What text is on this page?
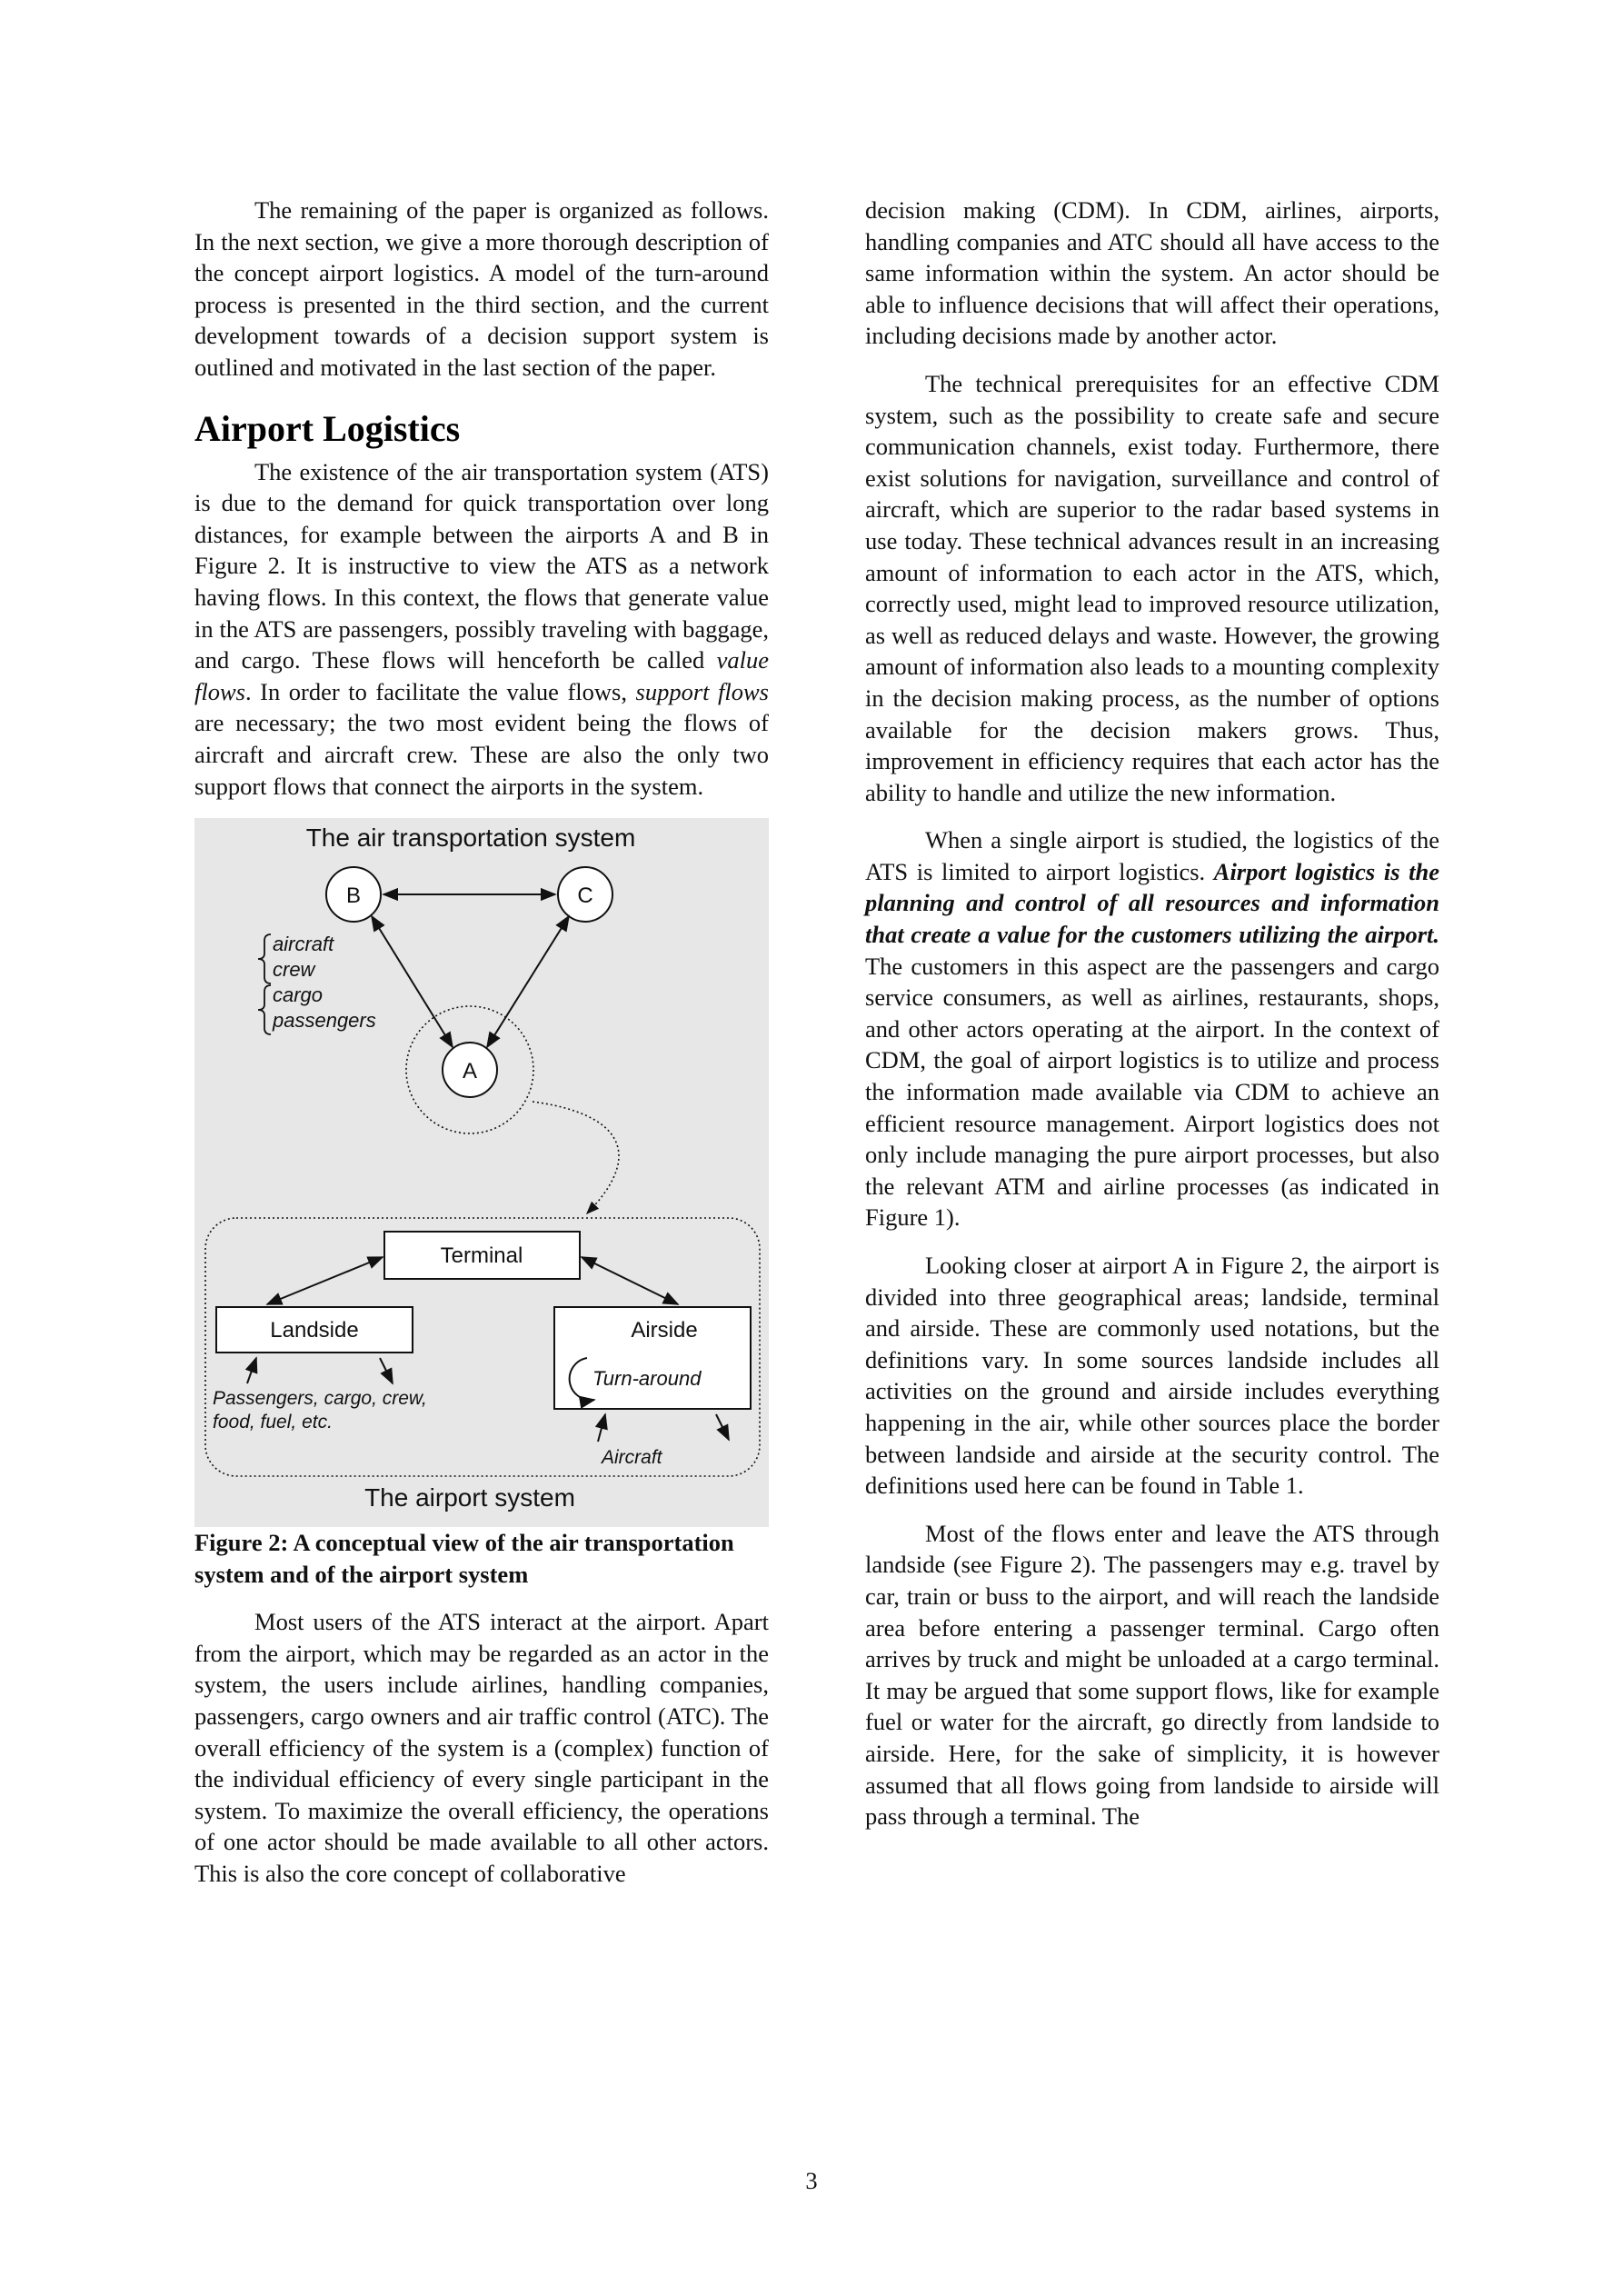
The remaining of the paper is organized as follows. In the next section, we give a more thorough description of the concept airport logistics. A model of the turn-around process is presented in the third section, and the current development towards of a decision support system is outlined and motivated in the last section of the paper.

Airport Logistics

The existence of the air transportation system (ATS) is due to the demand for quick transportation over long distances, for example between the airports A and B in Figure 2. It is instructive to view the ATS as a network having flows. In this context, the flows that generate value in the ATS are passengers, possibly traveling with baggage, and cargo. These flows will henceforth be called value flows. In order to facilitate the value flows, support flows are necessary; the two most evident being the flows of aircraft and aircraft crew. These are also the only two support flows that connect the airports in the system.

The air transportation system
B	C
A
aircraft
crew
cargo
passengers
Terminal
Landside	Airside
Turn-around
Passengers, cargo, crew,
food, fuel, etc.
Aircraft
The airport system

Figure 2: A conceptual view of the air transportation system and of the airport system

Most users of the ATS interact at the airport. Apart from the airport, which may be regarded as an actor in the system, the users include airlines, handling companies, passengers, cargo owners and air traffic control (ATC). The overall efficiency of the system is a (complex) function of the individual efficiency of every single participant in the system. To maximize the overall efficiency, the operations of one actor should be made available to all other actors. This is also the core concept of collaborative

decision making (CDM). In CDM, airlines, airports, handling companies and ATC should all have access to the same information within the system. An actor should be able to influence decisions that will affect their operations, including decisions made by another actor.

The technical prerequisites for an effective CDM system, such as the possibility to create safe and secure communication channels, exist today. Furthermore, there exist solutions for navigation, surveillance and control of aircraft, which are superior to the radar based systems in use today. These technical advances result in an increasing amount of information to each actor in the ATS, which, correctly used, might lead to improved resource utilization, as well as reduced delays and waste. However, the growing amount of information also leads to a mounting complexity in the decision making process, as the number of options available for the decision makers grows. Thus, improvement in efficiency requires that each actor has the ability to handle and utilize the new information.

When a single airport is studied, the logistics of the ATS is limited to airport logistics. Airport logistics is the planning and control of all resources and information that create a value for the customers utilizing the airport. The customers in this aspect are the passengers and cargo service consumers, as well as airlines, restaurants, shops, and other actors operating at the airport. In the context of CDM, the goal of airport logistics is to utilize and process the information made available via CDM to achieve an efficient resource management. Airport logistics does not only include managing the pure airport processes, but also the relevant ATM and airline processes (as indicated in Figure 1).

Looking closer at airport A in Figure 2, the airport is divided into three geographical areas; landside, terminal and airside. These are commonly used notations, but the definitions vary. In some sources landside includes all activities on the ground and airside includes everything happening in the air, while other sources place the border between landside and airside at the security control. The definitions used here can be found in Table 1.

Most of the flows enter and leave the ATS through landside (see Figure 2). The passengers may e.g. travel by car, train or buss to the airport, and will reach the landside area before entering a passenger terminal. Cargo often arrives by truck and might be unloaded at a cargo terminal. It may be argued that some support flows, like for example fuel or water for the aircraft, go directly from landside to airside. Here, for the sake of simplicity, it is however assumed that all flows going from landside to airside will pass through a terminal. The

3
